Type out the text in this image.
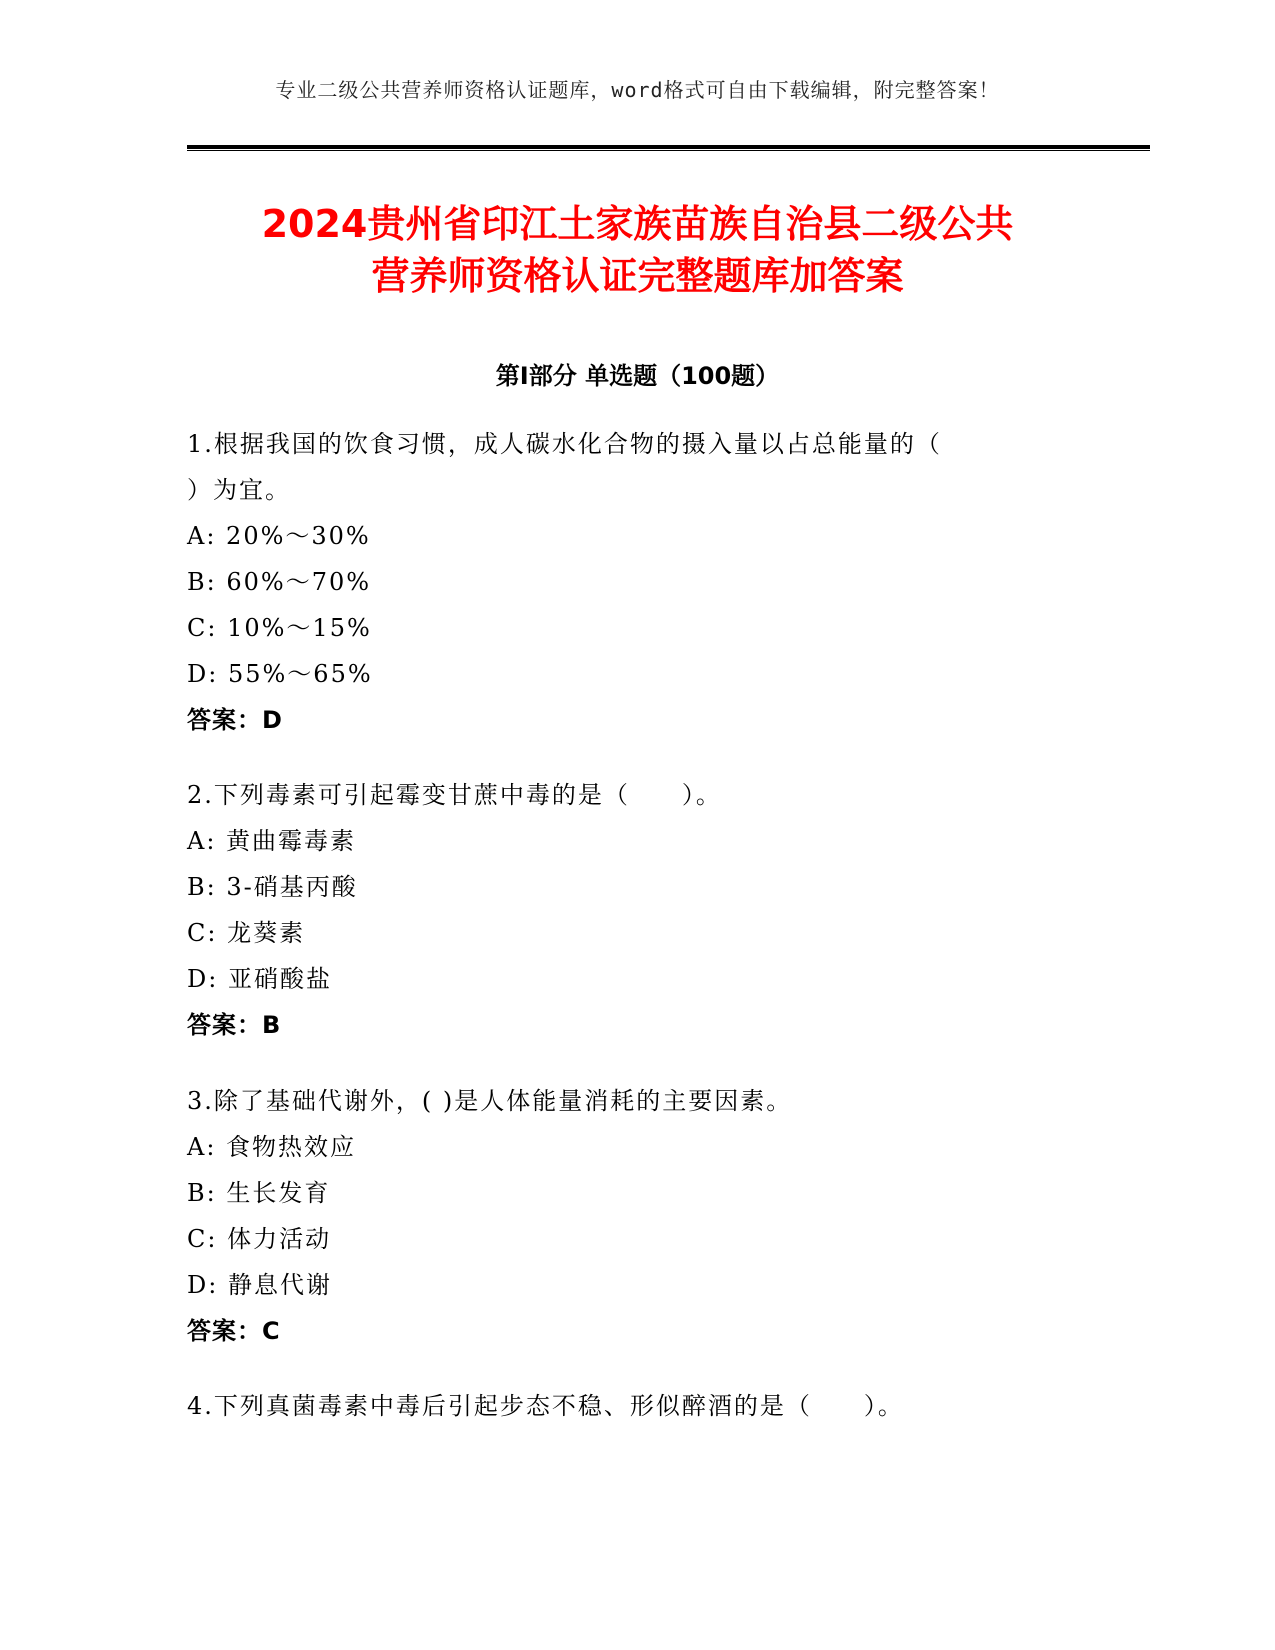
专业二级公共营养师资格认证题库，word格式可自由下载编辑，附完整答案！
2024贵州省印江土家族苗族自治县二级公共
营养师资格认证完整题库加答案
第Ⅰ部分 单选题（100题）
1.根据我国的饮食习惯，成人碳水化合物的摄入量以占总能量的（
）为宜。
A: 20%～30%
B: 60%～70%
C: 10%～15%
D: 55%～65%
答案：D
2.下列毒素可引起霉变甘蔗中毒的是（　　）。
A: 黄曲霉毒素
B: 3-硝基丙酸
C: 龙葵素
D: 亚硝酸盐
答案：B
3.除了基础代谢外，( )是人体能量消耗的主要因素。
A: 食物热效应
B: 生长发育
C: 体力活动
D: 静息代谢
答案：C
4.下列真菌毒素中毒后引起步态不稳、形似醉酒的是（　　）。
